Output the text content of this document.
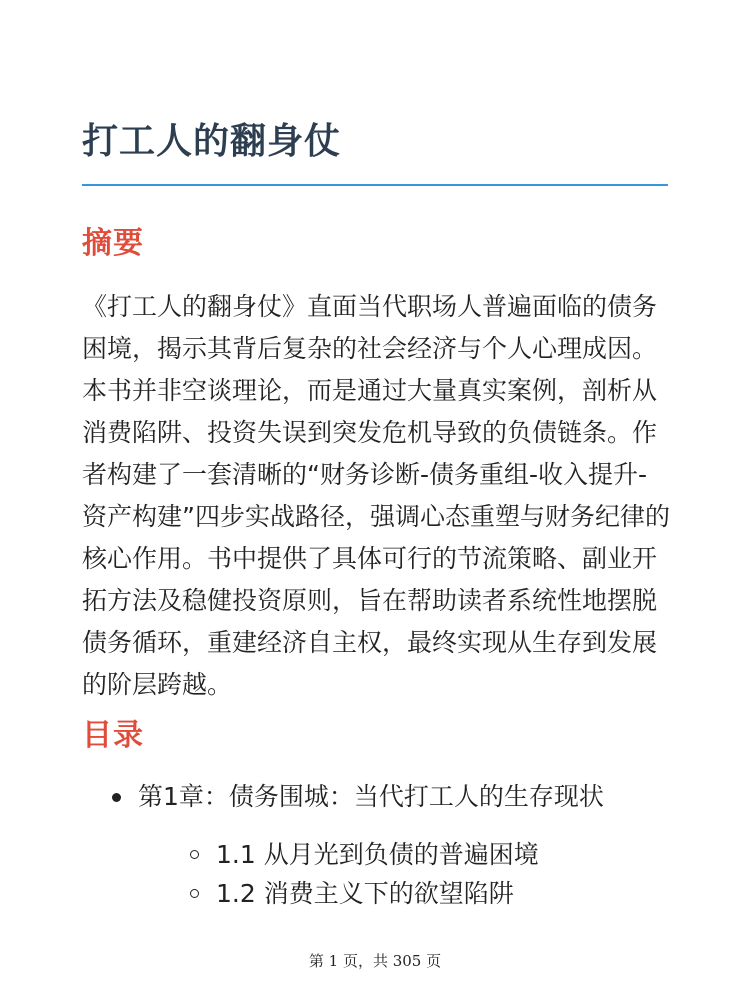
打工人的翻身仗
摘要

《打工人的翻身仗》直面当代职场人普遍面临的债务困境，揭示其背后复杂的社会经济与个人心理成因。本书并非空谈理论，而是通过大量真实案例，剖析从消费陷阱、投资失误到突发危机导致的负债链条。作者构建了一套清晰的“财务诊断-债务重组-收入提升-资产构建”四步实战路径，强调心态重塑与财务纪律的核心作用。书中提供了具体可行的节流策略、副业开拓方法及稳健投资原则，旨在帮助读者系统性地摆脱债务循环，重建经济自主权，最终实现从生存到发展的阶层跨越。

目录
第1章：债务围城：当代打工人的生存现状
1.1 从月光到负债的普遍困境
1.2 消费主义下的欲望陷阱
第 1 页，共 305 页
